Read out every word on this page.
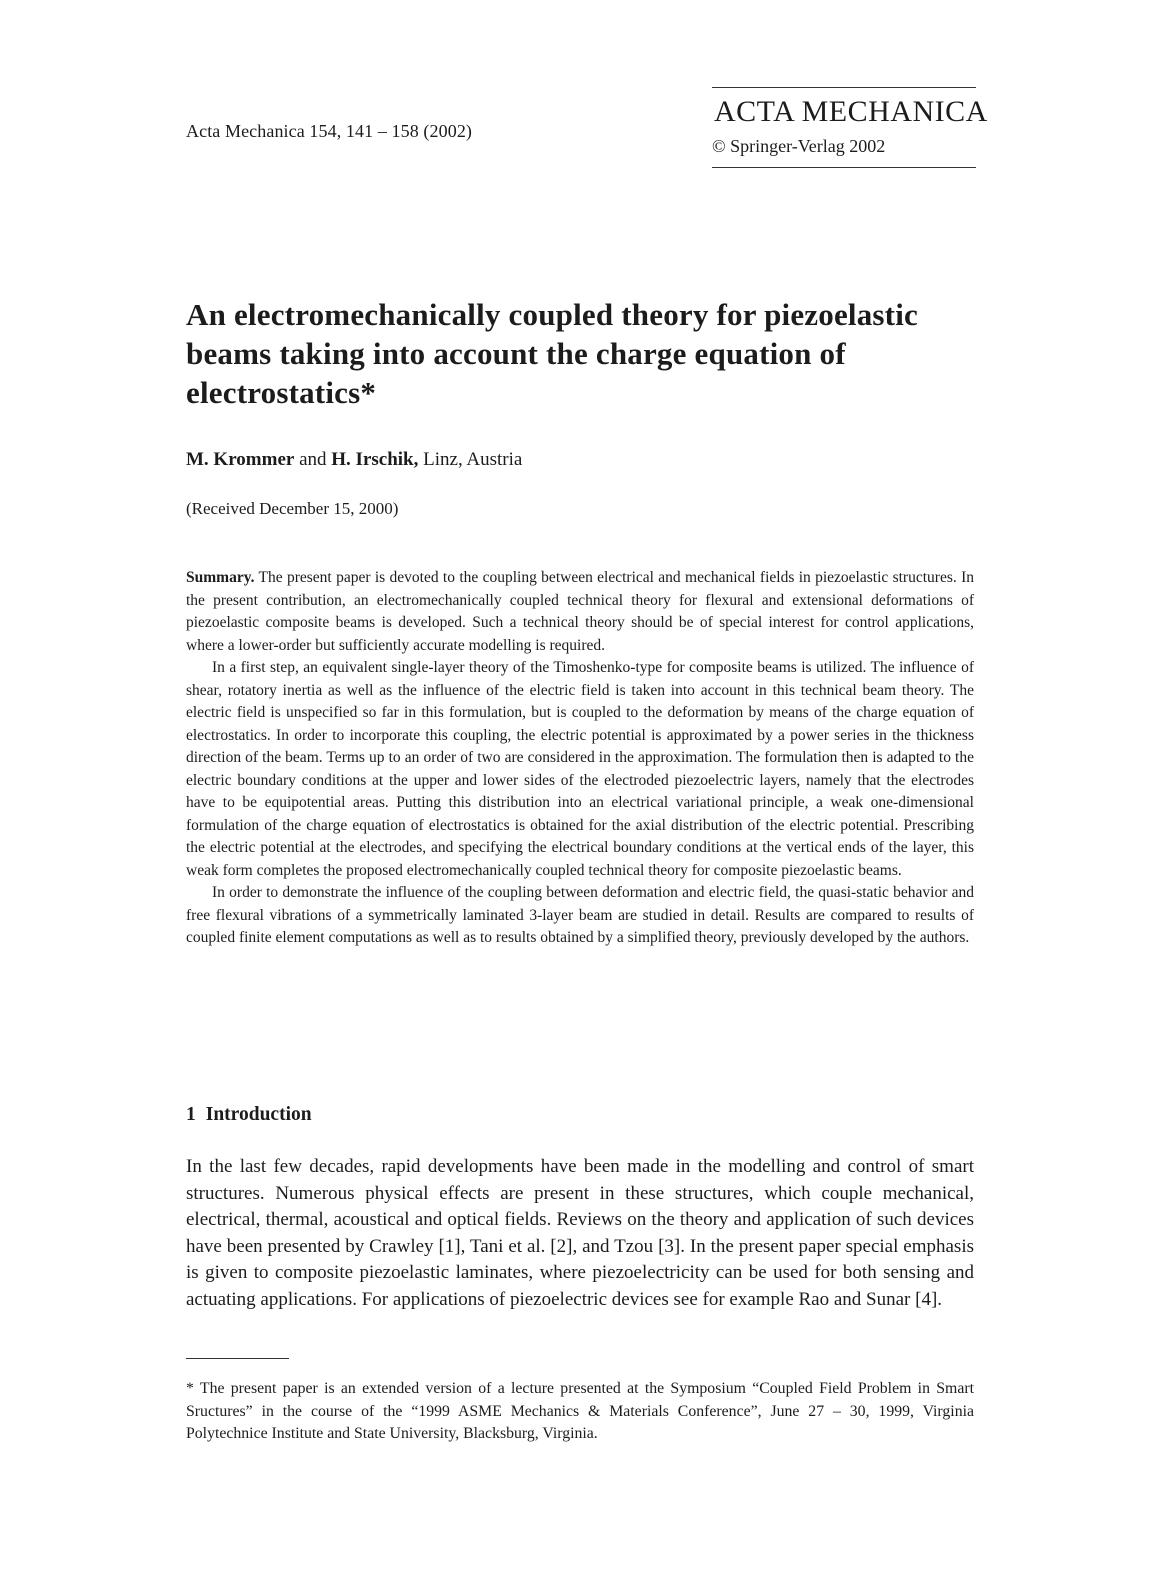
Acta Mechanica 154, 141 – 158 (2002)
ACTA MECHANICA
© Springer-Verlag 2002
An electromechanically coupled theory for piezoelastic beams taking into account the charge equation of electrostatics*
M. Krommer and H. Irschik, Linz, Austria
(Received December 15, 2000)

Summary. The present paper is devoted to the coupling between electrical and mechanical fields in piezoelastic structures. In the present contribution, an electromechanically coupled technical theory for flexural and extensional deformations of piezoelastic composite beams is developed. Such a technical theory should be of special interest for control applications, where a lower-order but sufficiently accurate modelling is required.

In a first step, an equivalent single-layer theory of the Timoshenko-type for composite beams is utilized. The influence of shear, rotatory inertia as well as the influence of the electric field is taken into account in this technical beam theory. The electric field is unspecified so far in this formulation, but is coupled to the deformation by means of the charge equation of electrostatics. In order to incorporate this coupling, the electric potential is approximated by a power series in the thickness direction of the beam. Terms up to an order of two are considered in the approximation. The formulation then is adapted to the electric boundary conditions at the upper and lower sides of the electroded piezoelectric layers, namely that the electrodes have to be equipotential areas. Putting this distribution into an electrical variational principle, a weak one-dimensional formulation of the charge equation of electrostatics is obtained for the axial distribution of the electric potential. Prescribing the electric potential at the electrodes, and specifying the electrical boundary conditions at the vertical ends of the layer, this weak form completes the proposed electromechanically coupled technical theory for composite piezoelastic beams.

In order to demonstrate the influence of the coupling between deformation and electric field, the quasi-static behavior and free flexural vibrations of a symmetrically laminated 3-layer beam are studied in detail. Results are compared to results of coupled finite element computations as well as to results obtained by a simplified theory, previously developed by the authors.

1 Introduction
In the last few decades, rapid developments have been made in the modelling and control of smart structures. Numerous physical effects are present in these structures, which couple mechanical, electrical, thermal, acoustical and optical fields. Reviews on the theory and application of such devices have been presented by Crawley [1], Tani et al. [2], and Tzou [3]. In the present paper special emphasis is given to composite piezoelastic laminates, where piezoelectricity can be used for both sensing and actuating applications. For applications of piezoelectric devices see for example Rao and Sunar [4].
* The present paper is an extended version of a lecture presented at the Symposium “Coupled Field Problem in Smart Sructures” in the course of the “1999 ASME Mechanics & Materials Conference”, June 27 – 30, 1999, Virginia Polytechnice Institute and State University, Blacksburg, Virginia.
